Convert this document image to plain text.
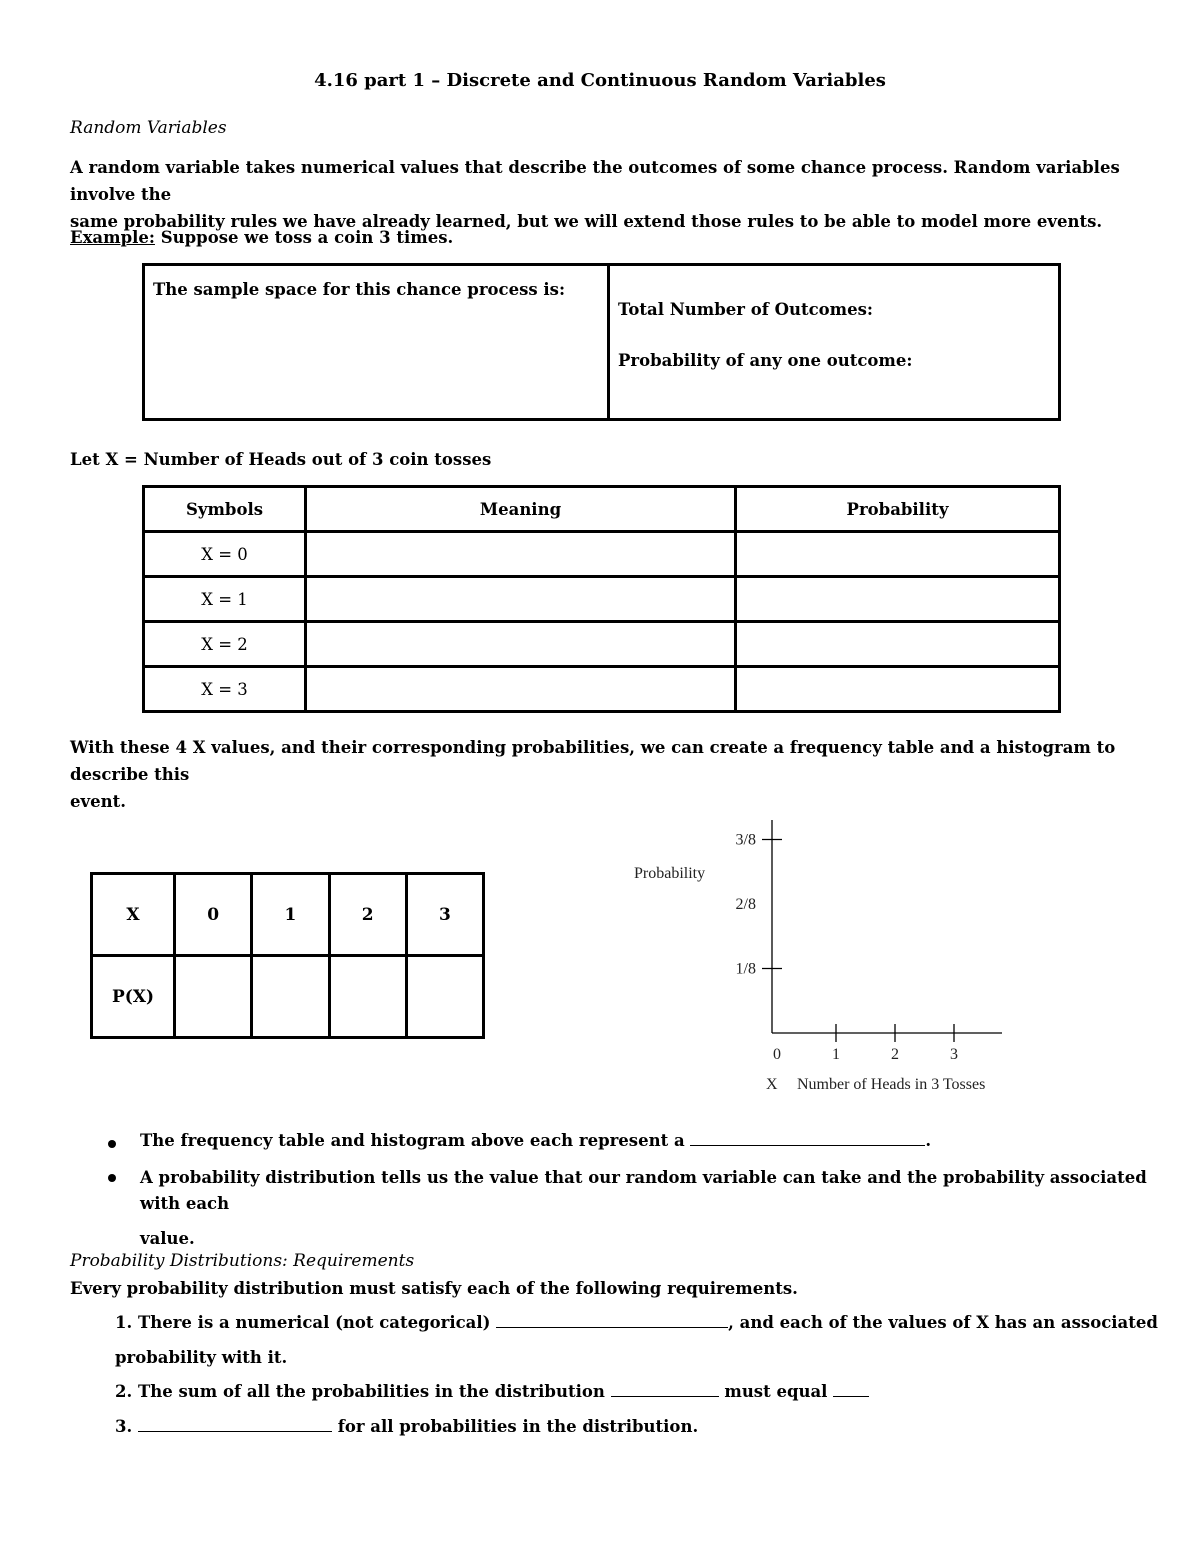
4.16 part 1 – Discrete and Continuous Random Variables
Random Variables
A random variable takes numerical values that describe the outcomes of some chance process. Random variables involve the
same probability rules we have already learned, but we will extend those rules to be able to model more events.
Example: Suppose we toss a coin 3 times.
The sample space for this chance process is:	
Total Number of Outcomes:
Probability of any one outcome:
Let X = Number of Heads out of 3 coin tosses
Symbols	Meaning	Probability
X = 0		
X = 1		
X = 2		
X = 3		
With these 4 X values, and their corresponding probabilities, we can create a frequency table and a histogram to describe this
event.
X	0	1	2	3
P(X)				
Probability
1/8
2/8
3/8
0	1	2	3
X Number of Heads in 3 Tosses
The frequency table and histogram above each represent a	.
A probability distribution tells us the value that our random variable can take and the probability associated with each
value.
Probability Distributions: Requirements
Every probability distribution must satisfy each of the following requirements.
1. There is a numerical (not categorical)	, and each of the values of X has an associated
probability with it.
2. The sum of all the probabilities in the distribution	must equal
3.	for all probabilities in the distribution.
